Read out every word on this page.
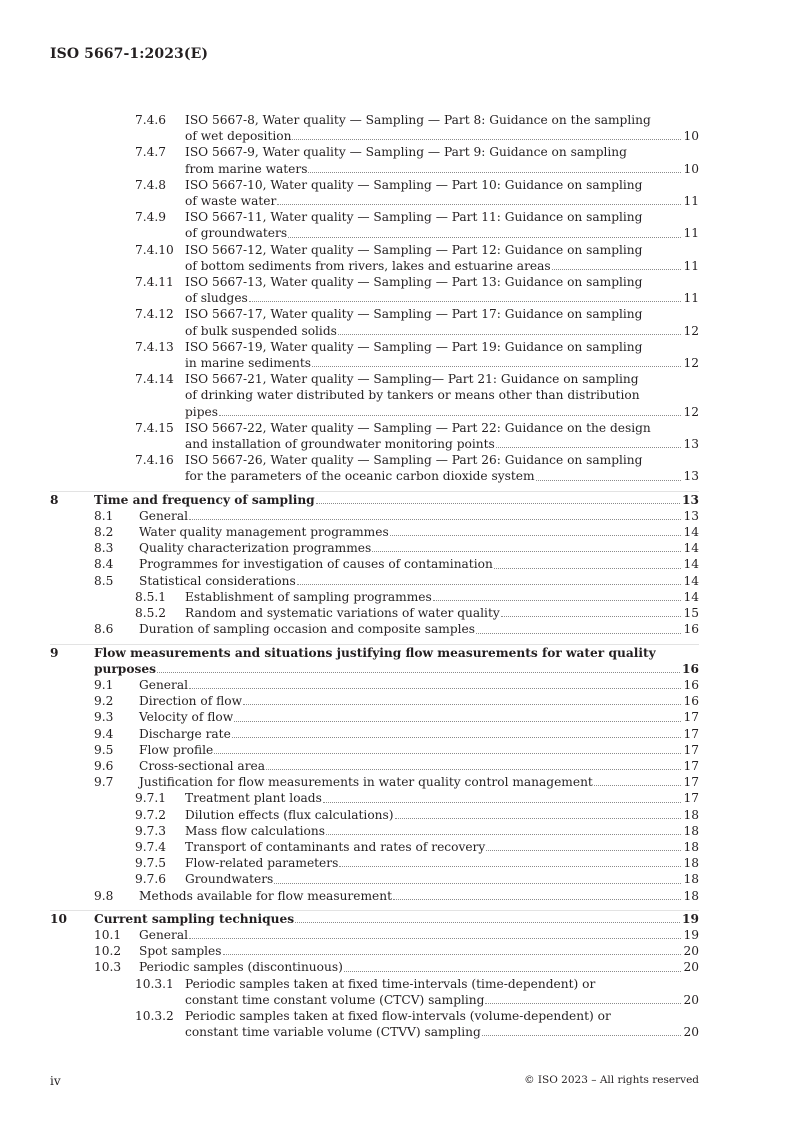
ISO 5667-1:2023(E)
7.4.6 ISO 5667-8, Water quality — Sampling — Part 8: Guidance on the sampling
of wet deposition	10
7.4.7 ISO 5667-9, Water quality — Sampling — Part 9: Guidance on sampling
from marine waters	10
7.4.8 ISO 5667-10, Water quality — Sampling — Part 10: Guidance on sampling
of waste water	11
7.4.9 ISO 5667-11, Water quality — Sampling — Part 11: Guidance on sampling
of groundwaters	11
7.4.10 ISO 5667-12, Water quality — Sampling — Part 12: Guidance on sampling
of bottom sediments from rivers, lakes and estuarine areas	11
7.4.11 ISO 5667-13, Water quality — Sampling — Part 13: Guidance on sampling
of sludges	11
7.4.12 ISO 5667-17, Water quality — Sampling — Part 17: Guidance on sampling
of bulk suspended solids	12
7.4.13 ISO 5667-19, Water quality — Sampling — Part 19: Guidance on sampling
in marine sediments	12
7.4.14 ISO 5667-21, Water quality — Sampling— Part 21: Guidance on sampling
of drinking water distributed by tankers or means other than distribution
pipes	12
7.4.15 ISO 5667-22, Water quality — Sampling — Part 22: Guidance on the design
and installation of groundwater monitoring points	13
7.4.16 ISO 5667-26, Water quality — Sampling — Part 26: Guidance on sampling
for the parameters of the oceanic carbon dioxide system	13
8	Time and frequency of sampling	13
8.1 General	13
8.2 Water quality management programmes	14
8.3 Quality characterization programmes	14
8.4 Programmes for investigation of causes of contamination	14
8.5 Statistical considerations	14
8.5.1 Establishment of sampling programmes	14
8.5.2 Random and systematic variations of water quality	15
8.6 Duration of sampling occasion and composite samples	16
9	Flow measurements and situations justifying flow measurements for water quality
purposes	16
9.1 General	16
9.2 Direction of flow	16
9.3 Velocity of flow	17
9.4 Discharge rate	17
9.5 Flow profile	17
9.6 Cross-sectional area	17
9.7 Justification for flow measurements in water quality control management	17
9.7.1 Treatment plant loads	17
9.7.2 Dilution effects (flux calculations)	18
9.7.3 Mass flow calculations	18
9.7.4 Transport of contaminants and rates of recovery	18
9.7.5 Flow-related parameters	18
9.7.6 Groundwaters	18
9.8 Methods available for flow measurement	18
10 Current sampling techniques	19
10.1 General	19
10.2 Spot samples	20
10.3 Periodic samples (discontinuous)	20
10.3.1 Periodic samples taken at fixed time-intervals (time-dependent) or
constant time constant volume (CTCV) sampling	20
10.3.2 Periodic samples taken at fixed flow-intervals (volume-dependent) or
constant time variable volume (CTVV) sampling	20
iv	© ISO 2023 – All rights reserved
